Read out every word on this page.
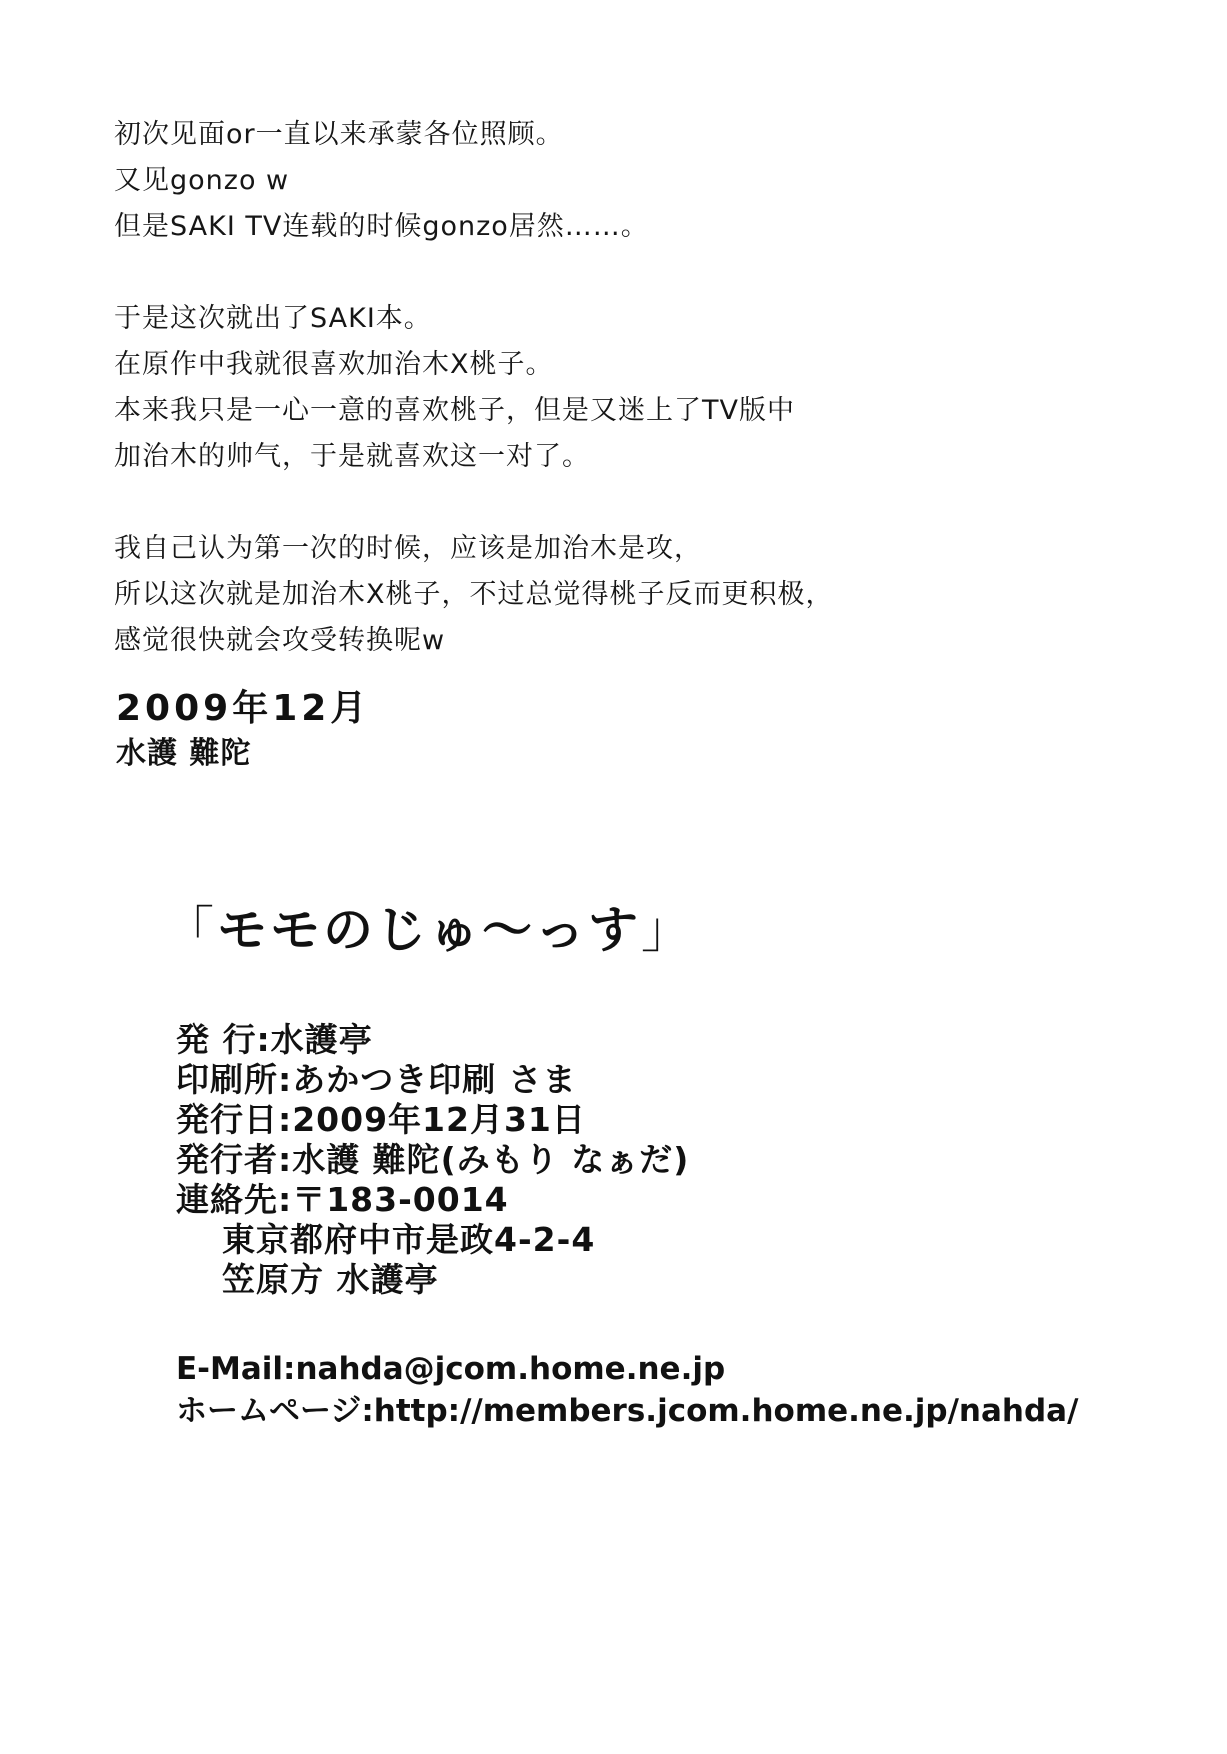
初次见面or一直以来承蒙各位照顾。
又见gonzo w
但是SAKI TV连载的时候gonzo居然……。
于是这次就出了SAKI本。
在原作中我就很喜欢加治木X桃子。
本来我只是一心一意的喜欢桃子，但是又迷上了TV版中
加治木的帅气，于是就喜欢这一对了。
我自己认为第一次的时候，应该是加治木是攻，
所以这次就是加治木X桃子，不过总觉得桃子反而更积极，
感觉很快就会攻受转换呢w
2009年12月
水護 難陀
「モモのじゅ～っす」
発 行:水護亭
印刷所:あかつき印刷 さま
発行日:2009年12月31日
発行者:水護 難陀(みもり なぁだ)
連絡先:〒183-0014
東京都府中市是政4-2-4
笠原方 水護亭
E-Mail:nahda@jcom.home.ne.jp
ホームページ:http://members.jcom.home.ne.jp/nahda/
